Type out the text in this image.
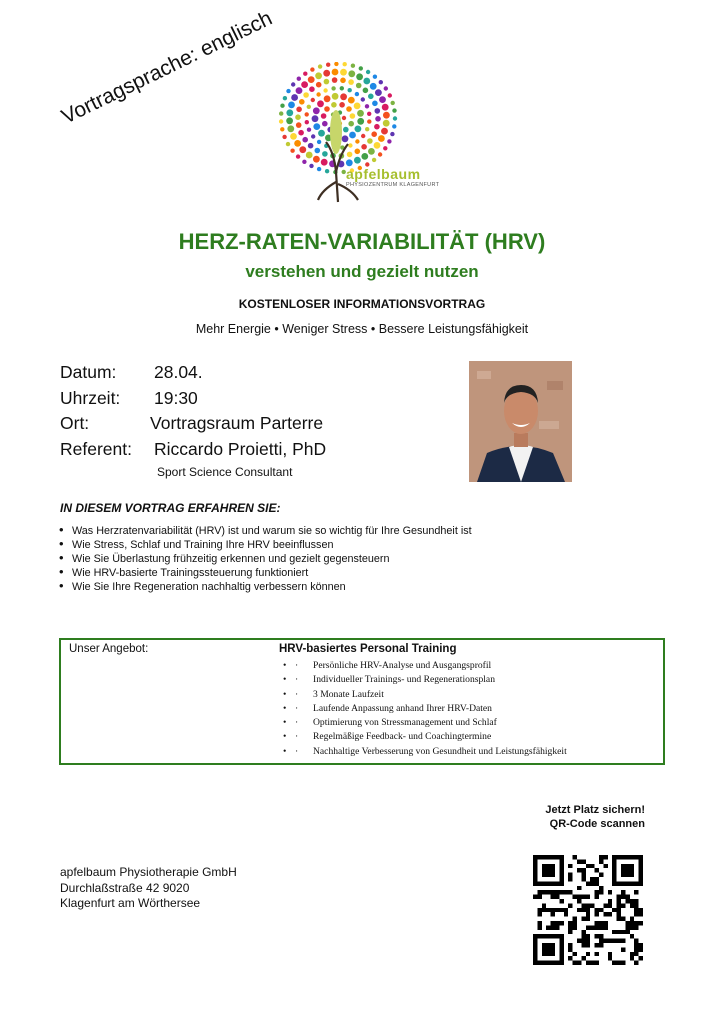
Vortragsprache: englisch
apfelbaum
PHYSIOZENTRUM KLAGENFURT
HERZ-RATEN-VARIABILITÄT (HRV)
verstehen und gezielt nutzen
KOSTENLOSER INFORMATIONSVORTRAG
Mehr Energie • Weniger Stress • Bessere Leistungsfähigkeit
Datum: 28.04.
Uhrzeit: 19:30
Ort:	Vortragsraum Parterre
Referent: Riccardo Proietti, PhD
Sport Science Consultant
IN DIESEM VORTRAG ERFAHREN SIE:
• Was Herzratenvariabilität (HRV) ist und warum sie so wichtig für Ihre Gesundheit ist
• Wie Stress, Schlaf und Training Ihre HRV beeinflussen
• Wie Sie Überlastung frühzeitig erkennen und gezielt gegensteuern
• Wie HRV-basierte Trainingssteuerung funktioniert
• Wie Sie Ihre Regeneration nachhaltig verbessern können
Unser Angebot:	HRV-basiertes Personal Training
• · Persönliche HRV-Analyse und Ausgangsprofil
• · Individueller Trainings- und Regenerationsplan
• · 3 Monate Laufzeit
• · Laufende Anpassung anhand Ihrer HRV-Daten
• · Optimierung von Stressmanagement und Schlaf
• · Regelmäßige Feedback- und Coachingtermine
• · Nachhaltige Verbesserung von Gesundheit und Leistungsfähigkeit
Jetzt Platz sichern!
QR-Code scannen
apfelbaum Physiotherapie GmbH
Durchlaßstraße 42 9020
Klagenfurt am Wörthersee
